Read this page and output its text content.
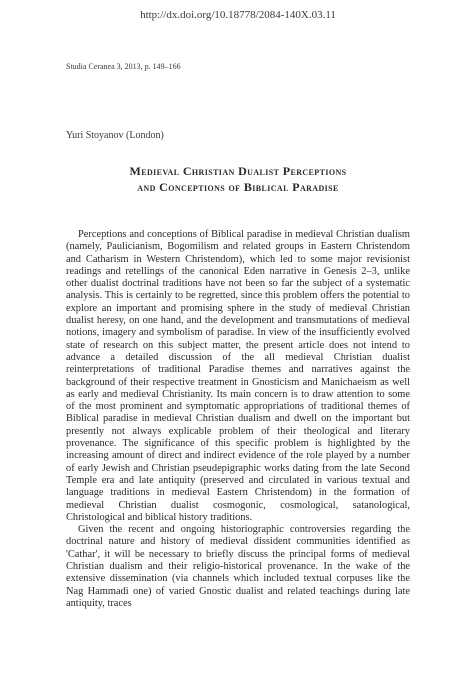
http://dx.doi.org/10.18778/2084-140X.03.11
Studia Ceranea 3, 2013, p. 149–166
Yuri Stoyanov (London)
Medieval Christian Dualist Perceptions
and Conceptions of Biblical Paradise

Perceptions and conceptions of Biblical paradise in medieval Christian dualism (namely, Paulicianism, Bogomilism and related groups in Eastern Christendom and Catharism in Western Christendom), which led to some major revisionist readings and retellings of the canonical Eden narrative in Genesis 2–3, unlike other dualist doctrinal traditions have not been so far the subject of a systematic analysis. This is certainly to be regretted, since this problem offers the potential to explore an important and promising sphere in the study of medieval Christian dualist heresy, on one hand, and the development and transmutations of medieval notions, imagery and symbolism of paradise. In view of the insufficiently evolved state of research on this subject matter, the present article does not intend to advance a detailed discussion of the all medieval Christian dualist reinterpretations of traditional Paradise themes and narratives against the background of their respective treatment in Gnosticism and Manichaeism as well as early and medieval Christianity. Its main concern is to draw attention to some of the most prominent and symptomatic appropriations of traditional themes of Biblical paradise in medieval Christian dualism and dwell on the important but presently not always explicable problem of their theological and literary provenance. The significance of this specific problem is highlighted by the increasing amount of direct and indirect evidence of the role played by a number of early Jewish and Christian pseudepigraphic works dating from the late Second Temple era and late antiquity (preserved and circulated in various textual and language traditions in medieval Eastern Christendom) in the formation of medieval Christian dualist cosmogonic, cosmological, satanological, Christological and biblical history traditions.

Given the recent and ongoing historiographic controversies regarding the doctrinal nature and history of medieval dissident communities identified as 'Cathar', it will be necessary to briefly discuss the principal forms of medieval Christian dualism and their religio-historical provenance. In the wake of the extensive dissemination (via channels which included textual corpuses like the Nag Hammadi one) of varied Gnostic dualist and related teachings during late antiquity, traces
